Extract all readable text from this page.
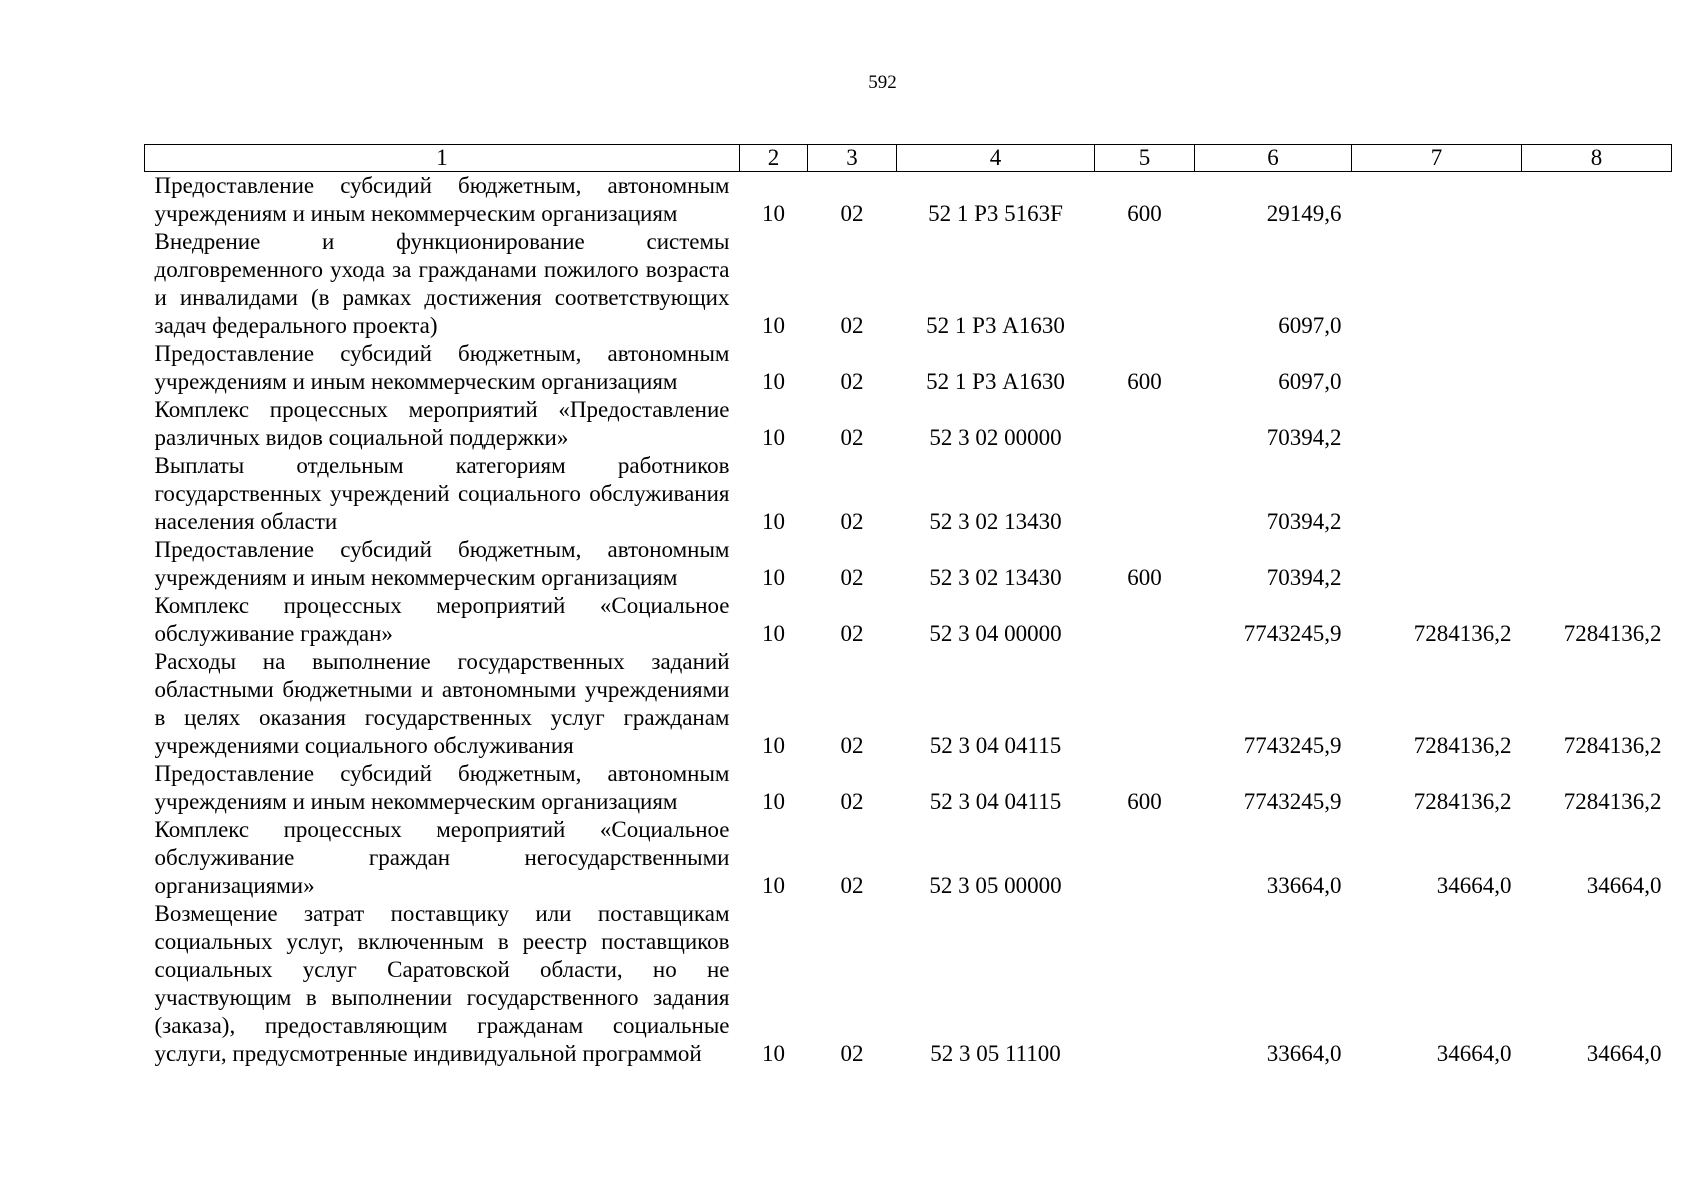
592
1	2	3	4	5	6	7	8
Предоставление субсидий бюджетным, автономным учреждениям и иным некоммерческим организациям	10	02	52 1 Р3 5163F	600	29149,6		
Внедрение и функционирование системы долговременного ухода за гражданами пожилого возраста и инвалидами (в рамках достижения соответствующих задач федерального проекта)	10	02	52 1 Р3 А1630		6097,0		
Предоставление субсидий бюджетным, автономным учреждениям и иным некоммерческим организациям	10	02	52 1 Р3 А1630	600	6097,0		
Комплекс процессных мероприятий «Предоставление различных видов социальной поддержки»	10	02	52 3 02 00000		70394,2		
Выплаты отдельным категориям работников государственных учреждений социального обслуживания населения области	10	02	52 3 02 13430		70394,2		
Предоставление субсидий бюджетным, автономным учреждениям и иным некоммерческим организациям	10	02	52 3 02 13430	600	70394,2		
Комплекс процессных мероприятий «Социальное обслуживание граждан»	10	02	52 3 04 00000		7743245,9	7284136,2	7284136,2
Расходы на выполнение государственных заданий областными бюджетными и автономными учреждениями в целях оказания государственных услуг гражданам учреждениями социального обслуживания	10	02	52 3 04 04115		7743245,9	7284136,2	7284136,2
Предоставление субсидий бюджетным, автономным учреждениям и иным некоммерческим организациям	10	02	52 3 04 04115	600	7743245,9	7284136,2	7284136,2
Комплекс процессных мероприятий «Социальное обслуживание граждан негосударственными организациями»	10	02	52 3 05 00000		33664,0	34664,0	34664,0
Возмещение затрат поставщику или поставщикам социальных услуг, включенным в реестр поставщиков социальных услуг Саратовской области, но не участвующим в выполнении государственного задания (заказа), предоставляющим гражданам социальные услуги, предусмотренные индивидуальной программой	10	02	52 3 05 11100		33664,0	34664,0	34664,0
